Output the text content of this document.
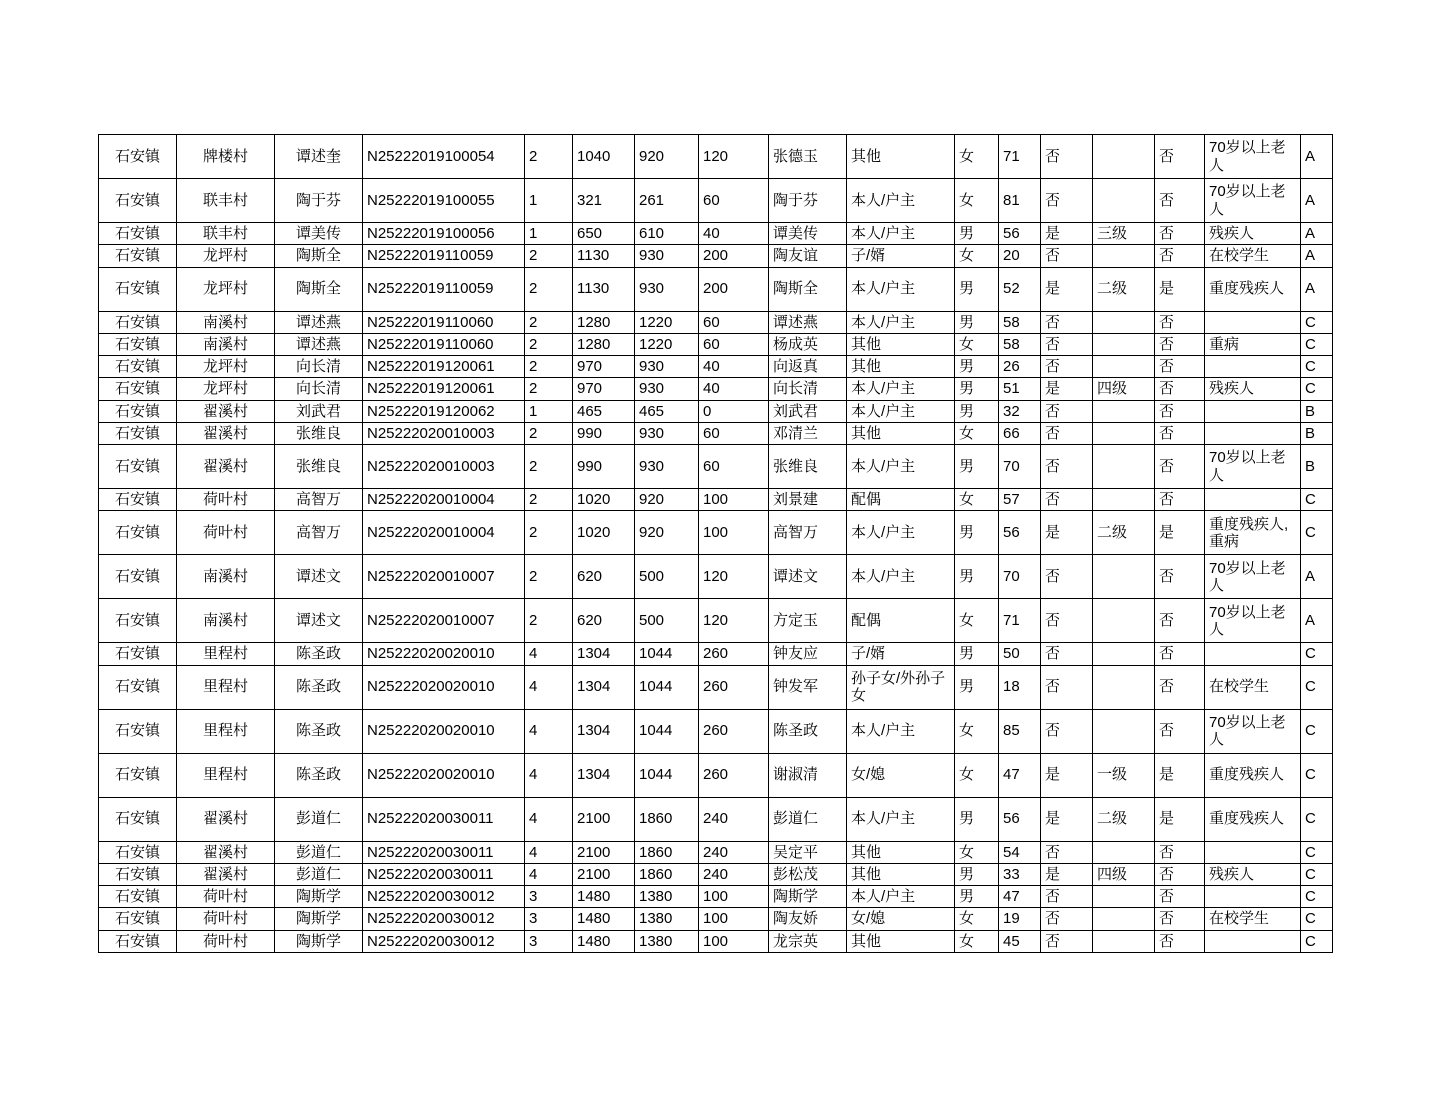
石安镇	牌楼村	谭述奎	N25222019100054	2	1040	920	120	张德玉	其他	女	71	否		否	70岁以上老人	A
石安镇	联丰村	陶于芬	N25222019100055	1	321	261	60	陶于芬	本人/户主	女	81	否		否	70岁以上老人	A
石安镇	联丰村	谭美传	N25222019100056	1	650	610	40	谭美传	本人/户主	男	56	是	三级	否	残疾人	A
石安镇	龙坪村	陶斯全	N25222019110059	2	1130	930	200	陶友谊	子/婿	女	20	否		否	在校学生	A
石安镇	龙坪村	陶斯全	N25222019110059	2	1130	930	200	陶斯全	本人/户主	男	52	是	二级	是	重度残疾人	A
石安镇	南溪村	谭述燕	N25222019110060	2	1280	1220	60	谭述燕	本人/户主	男	58	否		否		C
石安镇	南溪村	谭述燕	N25222019110060	2	1280	1220	60	杨成英	其他	女	58	否		否	重病	C
石安镇	龙坪村	向长清	N25222019120061	2	970	930	40	向返真	其他	男	26	否		否		C
石安镇	龙坪村	向长清	N25222019120061	2	970	930	40	向长清	本人/户主	男	51	是	四级	否	残疾人	C
石安镇	翟溪村	刘武君	N25222019120062	1	465	465	0	刘武君	本人/户主	男	32	否		否		B
石安镇	翟溪村	张维良	N25222020010003	2	990	930	60	邓清兰	其他	女	66	否		否		B
石安镇	翟溪村	张维良	N25222020010003	2	990	930	60	张维良	本人/户主	男	70	否		否	70岁以上老人	B
石安镇	荷叶村	高智万	N25222020010004	2	1020	920	100	刘景建	配偶	女	57	否		否		C
石安镇	荷叶村	高智万	N25222020010004	2	1020	920	100	高智万	本人/户主	男	56	是	二级	是	重度残疾人,重病	C
石安镇	南溪村	谭述文	N25222020010007	2	620	500	120	谭述文	本人/户主	男	70	否		否	70岁以上老人	A
石安镇	南溪村	谭述文	N25222020010007	2	620	500	120	方定玉	配偶	女	71	否		否	70岁以上老人	A
石安镇	里程村	陈圣政	N25222020020010	4	1304	1044	260	钟友应	子/婿	男	50	否		否		C
石安镇	里程村	陈圣政	N25222020020010	4	1304	1044	260	钟发军	孙子女/外孙子女	男	18	否		否	在校学生	C
石安镇	里程村	陈圣政	N25222020020010	4	1304	1044	260	陈圣政	本人/户主	女	85	否		否	70岁以上老人	C
石安镇	里程村	陈圣政	N25222020020010	4	1304	1044	260	谢淑清	女/媳	女	47	是	一级	是	重度残疾人	C
石安镇	翟溪村	彭道仁	N25222020030011	4	2100	1860	240	彭道仁	本人/户主	男	56	是	二级	是	重度残疾人	C
石安镇	翟溪村	彭道仁	N25222020030011	4	2100	1860	240	吴定平	其他	女	54	否		否		C
石安镇	翟溪村	彭道仁	N25222020030011	4	2100	1860	240	彭松茂	其他	男	33	是	四级	否	残疾人	C
石安镇	荷叶村	陶斯学	N25222020030012	3	1480	1380	100	陶斯学	本人/户主	男	47	否		否		C
石安镇	荷叶村	陶斯学	N25222020030012	3	1480	1380	100	陶友娇	女/媳	女	19	否		否	在校学生	C
石安镇	荷叶村	陶斯学	N25222020030012	3	1480	1380	100	龙宗英	其他	女	45	否		否		C
